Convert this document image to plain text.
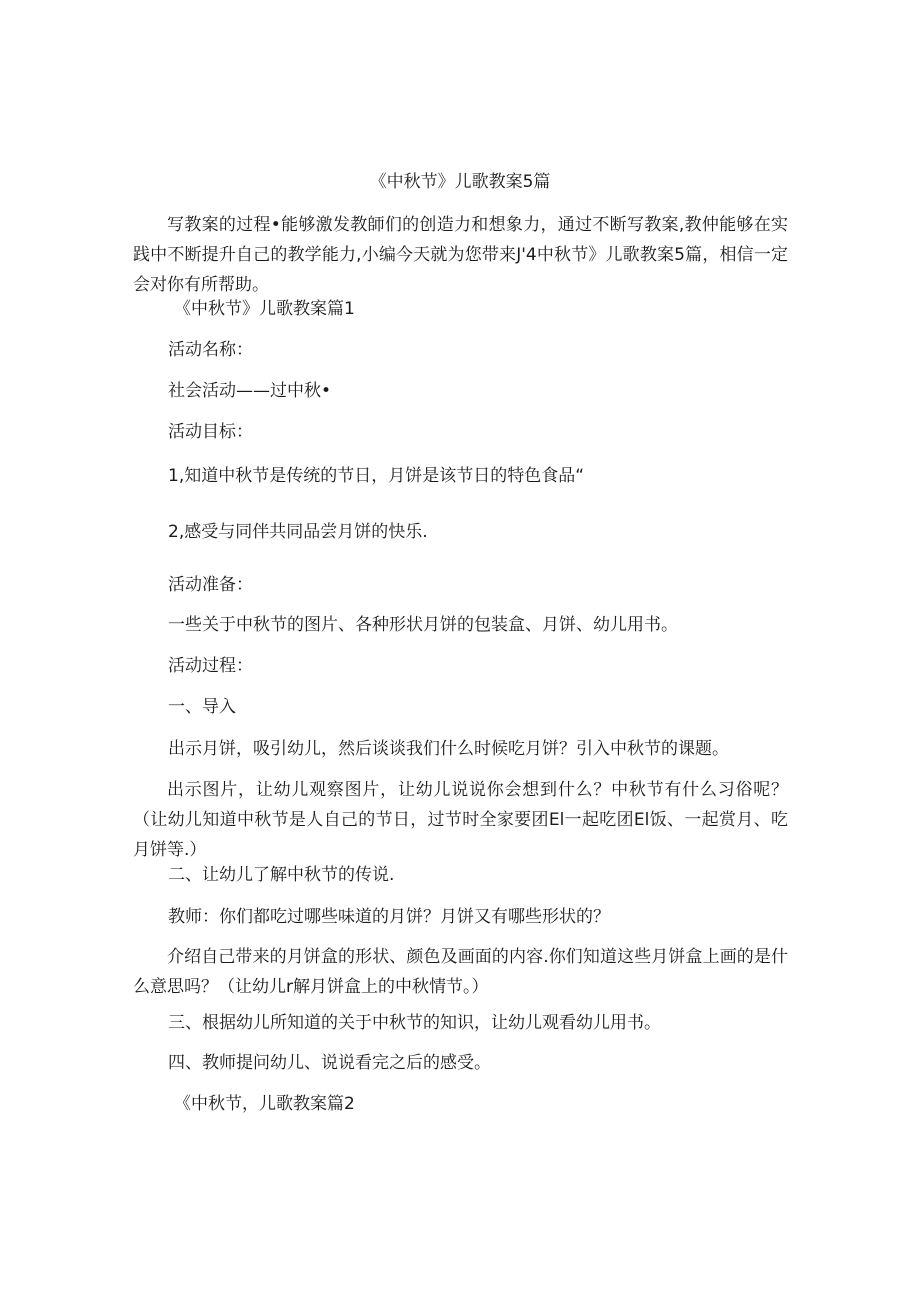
《中秋节》儿歌教案5篇
写教案的过程•能够激发教師们的创造力和想象力，通过不断写教案,教仲能够在实践中不断提升自己的教学能力,小编今天就为您带来J'4中秋节》儿歌教案5篇，相信一定会对你有所帮助。
《中秋节》儿歌教案篇1
活动名称：
社会活动——过中秋•
活动目标：
1,知道中秋节是传统的节日，月饼是该节日的特色食品“
2,感受与同伴共同品尝月饼的快乐.
活动准备：
一些关于中秋节的图片、各种形状月饼的包装盒、月饼、幼儿用书。
活动过程：
一、导入
出示月饼，吸引幼儿，然后谈谈我们什么时候吃月饼？引入中秋节的课题。
出示图片，让幼儿观察图片，让幼儿说说你会想到什么？中秋节有什么习俗呢？（让幼儿知道中秋节是人自己的节日，过节时全家要团El一起吃团El饭、一起赏月、吃月饼等.）
二、让幼儿了解中秋节的传说.
教师：你们都吃过哪些味道的月饼？月饼又有哪些形状的？
介绍自己带来的月饼盒的形状、颜色及画面的内容.你们知道这些月饼盒上画的是什么意思吗？（让幼儿r解月饼盒上的中秋情节。）
三、根据幼儿所知道的关于中秋节的知识，让幼儿观看幼儿用书。
四、教师提问幼儿、说说看完之后的感受。
《中秋节，儿歌教案篇2
